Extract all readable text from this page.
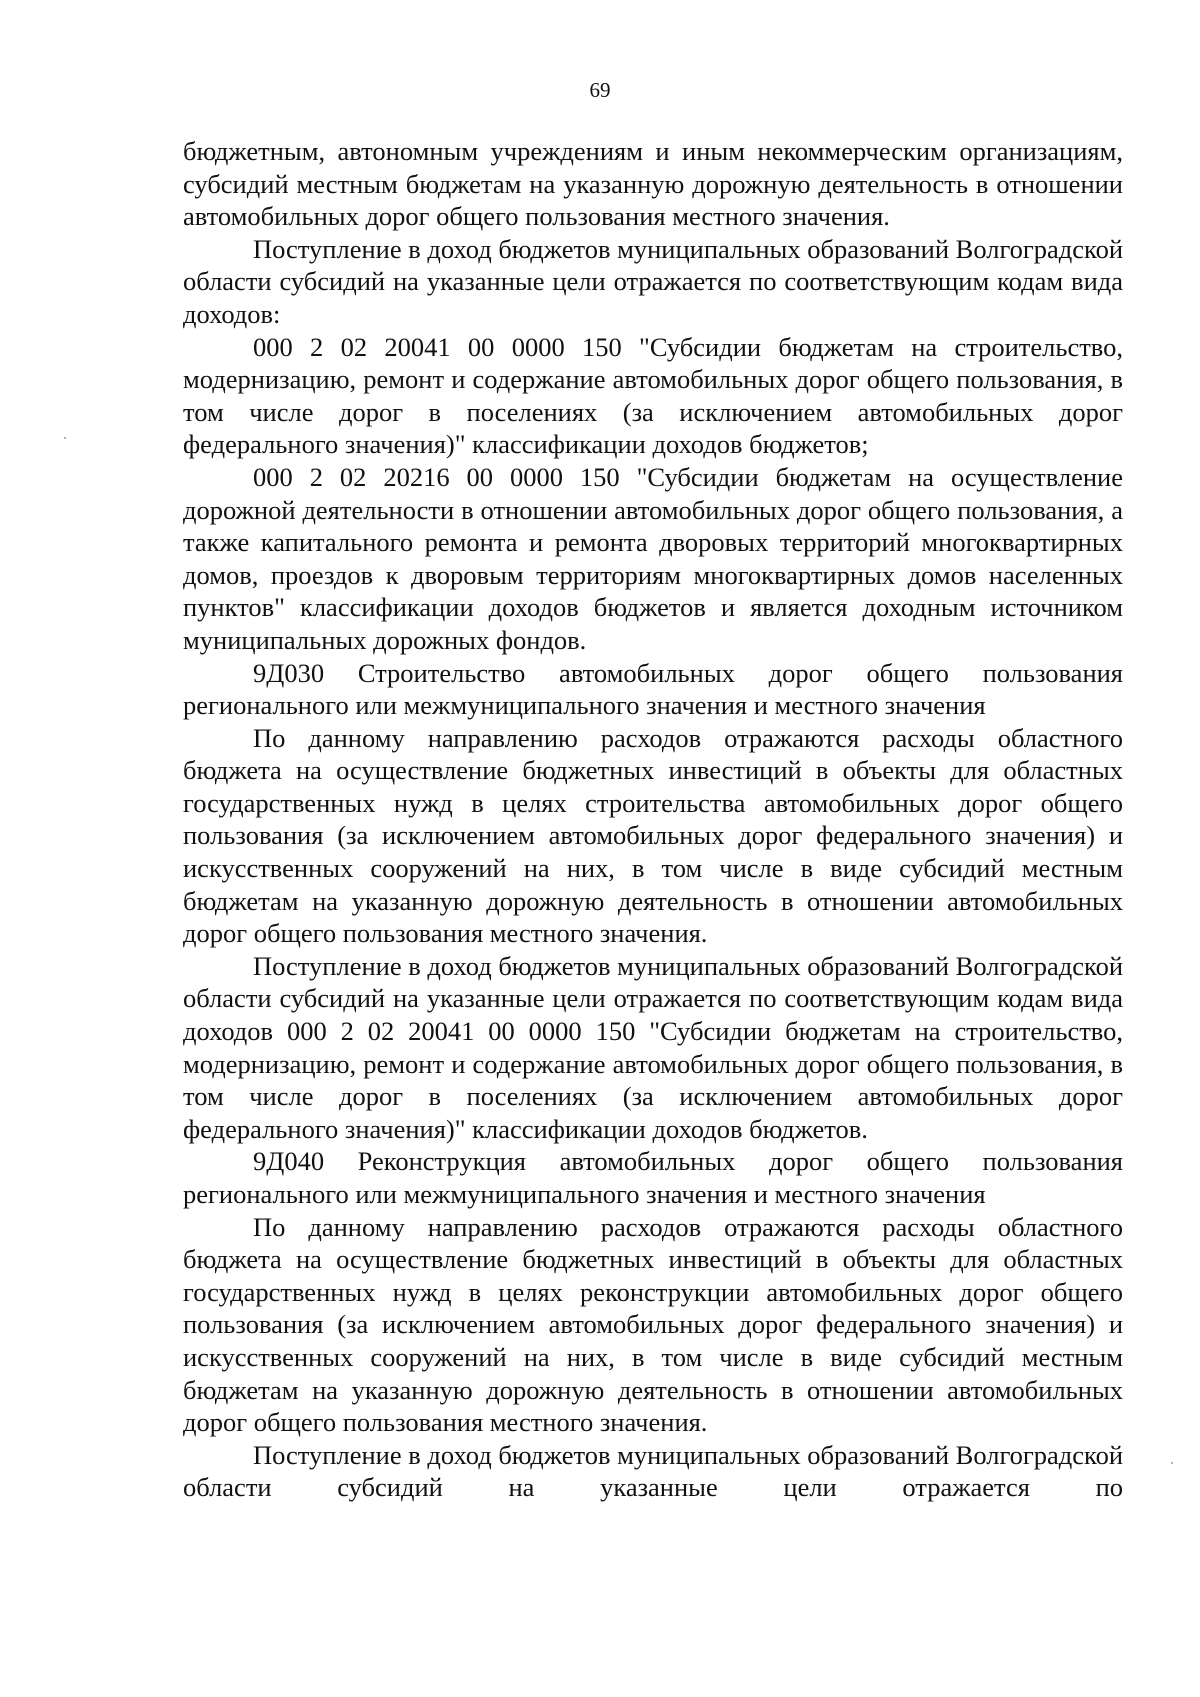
69

бюджетным, автономным учреждениям и иным некоммерческим организациям, субсидий местным бюджетам на указанную дорожную деятельность в отношении автомобильных дорог общего пользования местного значения.

Поступление в доход бюджетов муниципальных образований Волгоградской области субсидий на указанные цели отражается по соответствующим кодам вида доходов:

000 2 02 20041 00 0000 150 "Субсидии бюджетам на строительство, модернизацию, ремонт и содержание автомобильных дорог общего пользования, в том числе дорог в поселениях (за исключением автомобильных дорог федерального значения)" классификации доходов бюджетов;

000 2 02 20216 00 0000 150 "Субсидии бюджетам на осуществление дорожной деятельности в отношении автомобильных дорог общего пользования, а также капитального ремонта и ремонта дворовых территорий многоквартирных домов, проездов к дворовым территориям многоквартирных домов населенных пунктов" классификации доходов бюджетов и является доходным источником муниципальных дорожных фондов.

9Д030 Строительство автомобильных дорог общего пользования регионального или межмуниципального значения и местного значения

По данному направлению расходов отражаются расходы областного бюджета на осуществление бюджетных инвестиций в объекты для областных государственных нужд в целях строительства автомобильных дорог общего пользования (за исключением автомобильных дорог федерального значения) и искусственных сооружений на них, в том числе в виде субсидий местным бюджетам на указанную дорожную деятельность в отношении автомобильных дорог общего пользования местного значения.

Поступление в доход бюджетов муниципальных образований Волгоградской области субсидий на указанные цели отражается по соответствующим кодам вида доходов 000 2 02 20041 00 0000 150 "Субсидии бюджетам на строительство, модернизацию, ремонт и содержание автомобильных дорог общего пользования, в том числе дорог в поселениях (за исключением автомобильных дорог федерального значения)" классификации доходов бюджетов.

9Д040 Реконструкция автомобильных дорог общего пользования регионального или межмуниципального значения и местного значения

По данному направлению расходов отражаются расходы областного бюджета на осуществление бюджетных инвестиций в объекты для областных государственных нужд в целях реконструкции автомобильных дорог общего пользования (за исключением автомобильных дорог федерального значения) и искусственных сооружений на них, в том числе в виде субсидий местным бюджетам на указанную дорожную деятельность в отношении автомобильных дорог общего пользования местного значения.

Поступление в доход бюджетов муниципальных образований Волгоградской области субсидий на указанные цели отражается по
